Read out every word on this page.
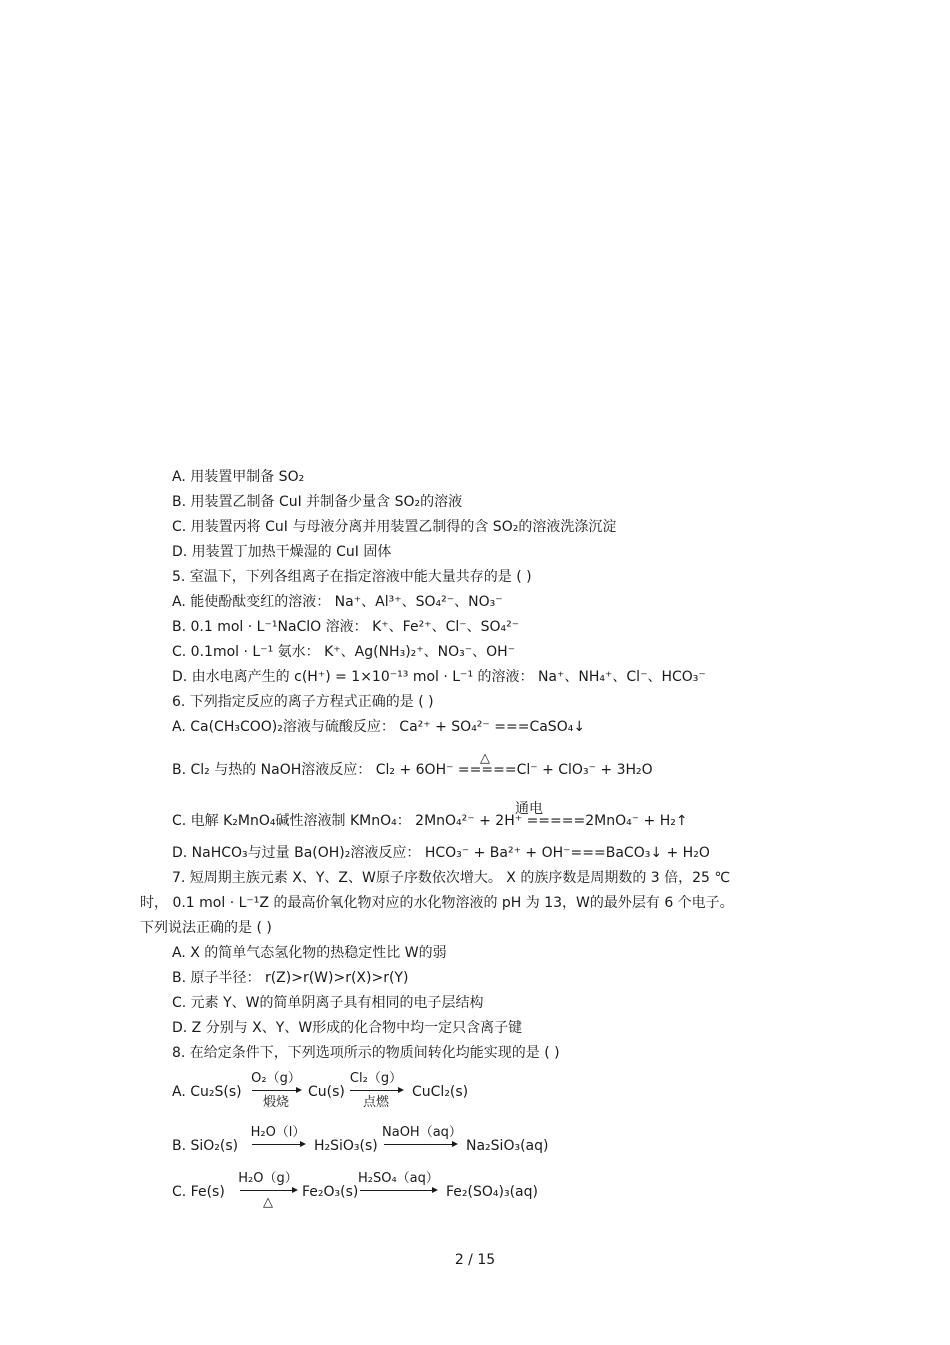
A. 用装置甲制备 SO₂
B. 用装置乙制备 CuI 并制备少量含 SO₂的溶液
C. 用装置丙将 CuI 与母液分离并用装置乙制得的含 SO₂的溶液洗涤沉淀
D. 用装置丁加热干燥湿的 CuI 固体
5. 室温下，下列各组离子在指定溶液中能大量共存的是 ( )
A. 能使酚酞变红的溶液： Na⁺、Al³⁺、SO₄²⁻、NO₃⁻
B. 0.1 mol · L⁻¹NaClO 溶液： K⁺、Fe²⁺、Cl⁻、SO₄²⁻
C. 0.1mol · L⁻¹ 氨水： K⁺、Ag(NH₃)₂⁺、NO₃⁻、OH⁻
D. 由水电离产生的 c(H⁺) = 1×10⁻¹³ mol · L⁻¹ 的溶液： Na⁺、NH₄⁺、Cl⁻、HCO₃⁻
6. 下列指定反应的离子方程式正确的是 ( )
A. Ca(CH₃COO)₂溶液与硫酸反应： Ca²⁺ + SO₄²⁻ ===CaSO₄↓
△
B. Cl₂ 与热的 NaOH溶液反应： Cl₂ + 6OH⁻ =====Cl⁻ + ClO₃⁻ + 3H₂O
通电
C. 电解 K₂MnO₄碱性溶液制 KMnO₄： 2MnO₄²⁻ + 2H⁺ =====2MnO₄⁻ + H₂↑
D. NaHCO₃与过量 Ba(OH)₂溶液反应： HCO₃⁻ + Ba²⁺ + OH⁻===BaCO₃↓ + H₂O
7. 短周期主族元素 X、Y、Z、W原子序数依次增大。 X 的族序数是周期数的 3 倍，25 ℃
时， 0.1 mol · L⁻¹Z 的最高价氧化物对应的水化物溶液的 pH 为 13，W的最外层有 6 个电子。
下列说法正确的是 ( )
A. X 的简单气态氢化物的热稳定性比 W的弱
B. 原子半径： r(Z)>r(W)>r(X)>r(Y)
C. 元素 Y、W的简单阴离子具有相同的电子层结构
D. Z 分别与 X、Y、W形成的化合物中均一定只含离子键
8. 在给定条件下，下列选项所示的物质间转化均能实现的是 ( )
A. Cu₂S(s)
O₂（g）
煅烧
Cu(s)
Cl₂（g）
点燃
CuCl₂(s)
B. SiO₂(s)
H₂O（l）
H₂SiO₃(s)
NaOH（aq）
Na₂SiO₃(aq)
C. Fe(s)
H₂O（g）
△
Fe₂O₃(s)
H₂SO₄（aq）
Fe₂(SO₄)₃(aq)
2 / 15
